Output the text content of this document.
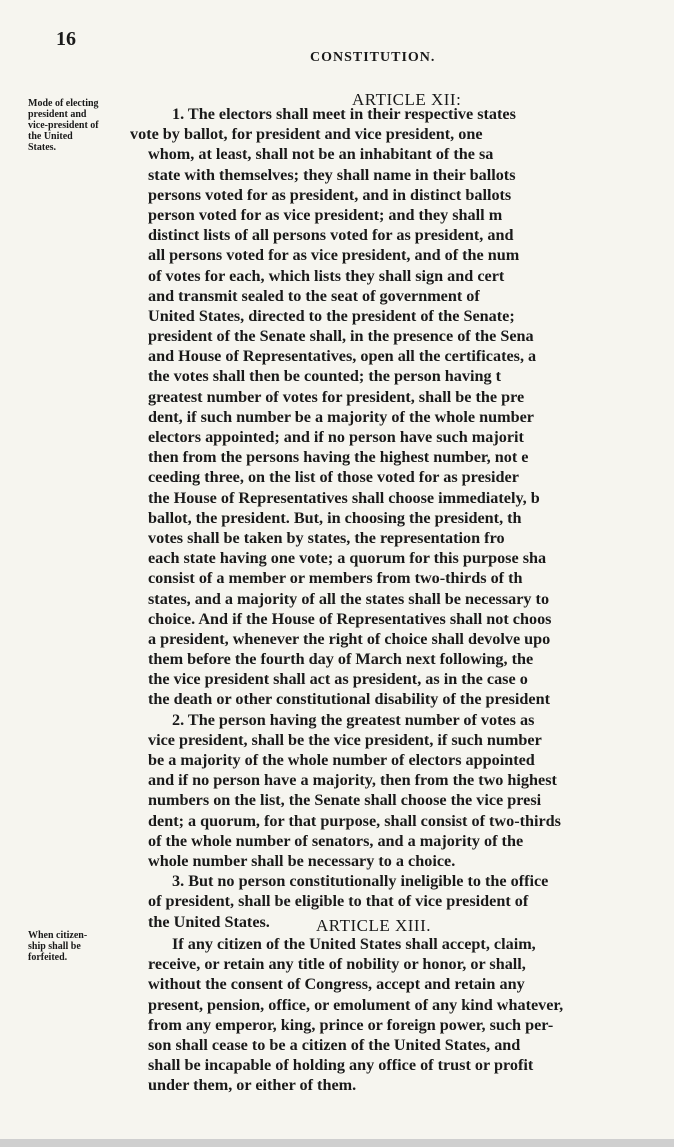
16
CONSTITUTION.
ARTICLE XII:
Mode of electing
president and
vice-president of
the United
States.
1. The electors shall meet in their respective states
vote by ballot, for president and vice president, one
whom, at least, shall not be an inhabitant of the sa
state with themselves; they shall name in their ballots
persons voted for as president, and in distinct ballots
person voted for as vice president; and they shall m
distinct lists of all persons voted for as president, and
all persons voted for as vice president, and of the num
of votes for each, which lists they shall sign and cert
and transmit sealed to the seat of government of
United States, directed to the president of the Senate;
president of the Senate shall, in the presence of the Sena
and House of Representatives, open all the certificates, a
the votes shall then be counted; the person having t
greatest number of votes for president, shall be the pre
dent, if such number be a majority of the whole number
electors appointed; and if no person have such majorit
then from the persons having the highest number, not e
ceeding three, on the list of those voted for as presider
the House of Representatives shall choose immediately, b
ballot, the president. But, in choosing the president, th
votes shall be taken by states, the representation fro
each state having one vote; a quorum for this purpose sha
consist of a member or members from two-thirds of th
states, and a majority of all the states shall be necessary to
choice. And if the House of Representatives shall not choos
a president, whenever the right of choice shall devolve upo
them before the fourth day of March next following, the
the vice president shall act as president, as in the case o
the death or other constitutional disability of the president
2. The person having the greatest number of votes as
vice president, shall be the vice president, if such number
be a majority of the whole number of electors appointed
and if no person have a majority, then from the two highest
numbers on the list, the Senate shall choose the vice presi
dent; a quorum, for that purpose, shall consist of two-thirds
of the whole number of senators, and a majority of the
whole number shall be necessary to a choice.
3. But no person constitutionally ineligible to the office
of president, shall be eligible to that of vice president of
the United States.	ARTICLE XIII.
When citizen-
ship shall be
forfeited.
If any citizen of the United States shall accept, claim,
receive, or retain any title of nobility or honor, or shall,
without the consent of Congress, accept and retain any
present, pension, office, or emolument of any kind whatever,
from any emperor, king, prince or foreign power, such per-
son shall cease to be a citizen of the United States, and
shall be incapable of holding any office of trust or profit
under them, or either of them.
